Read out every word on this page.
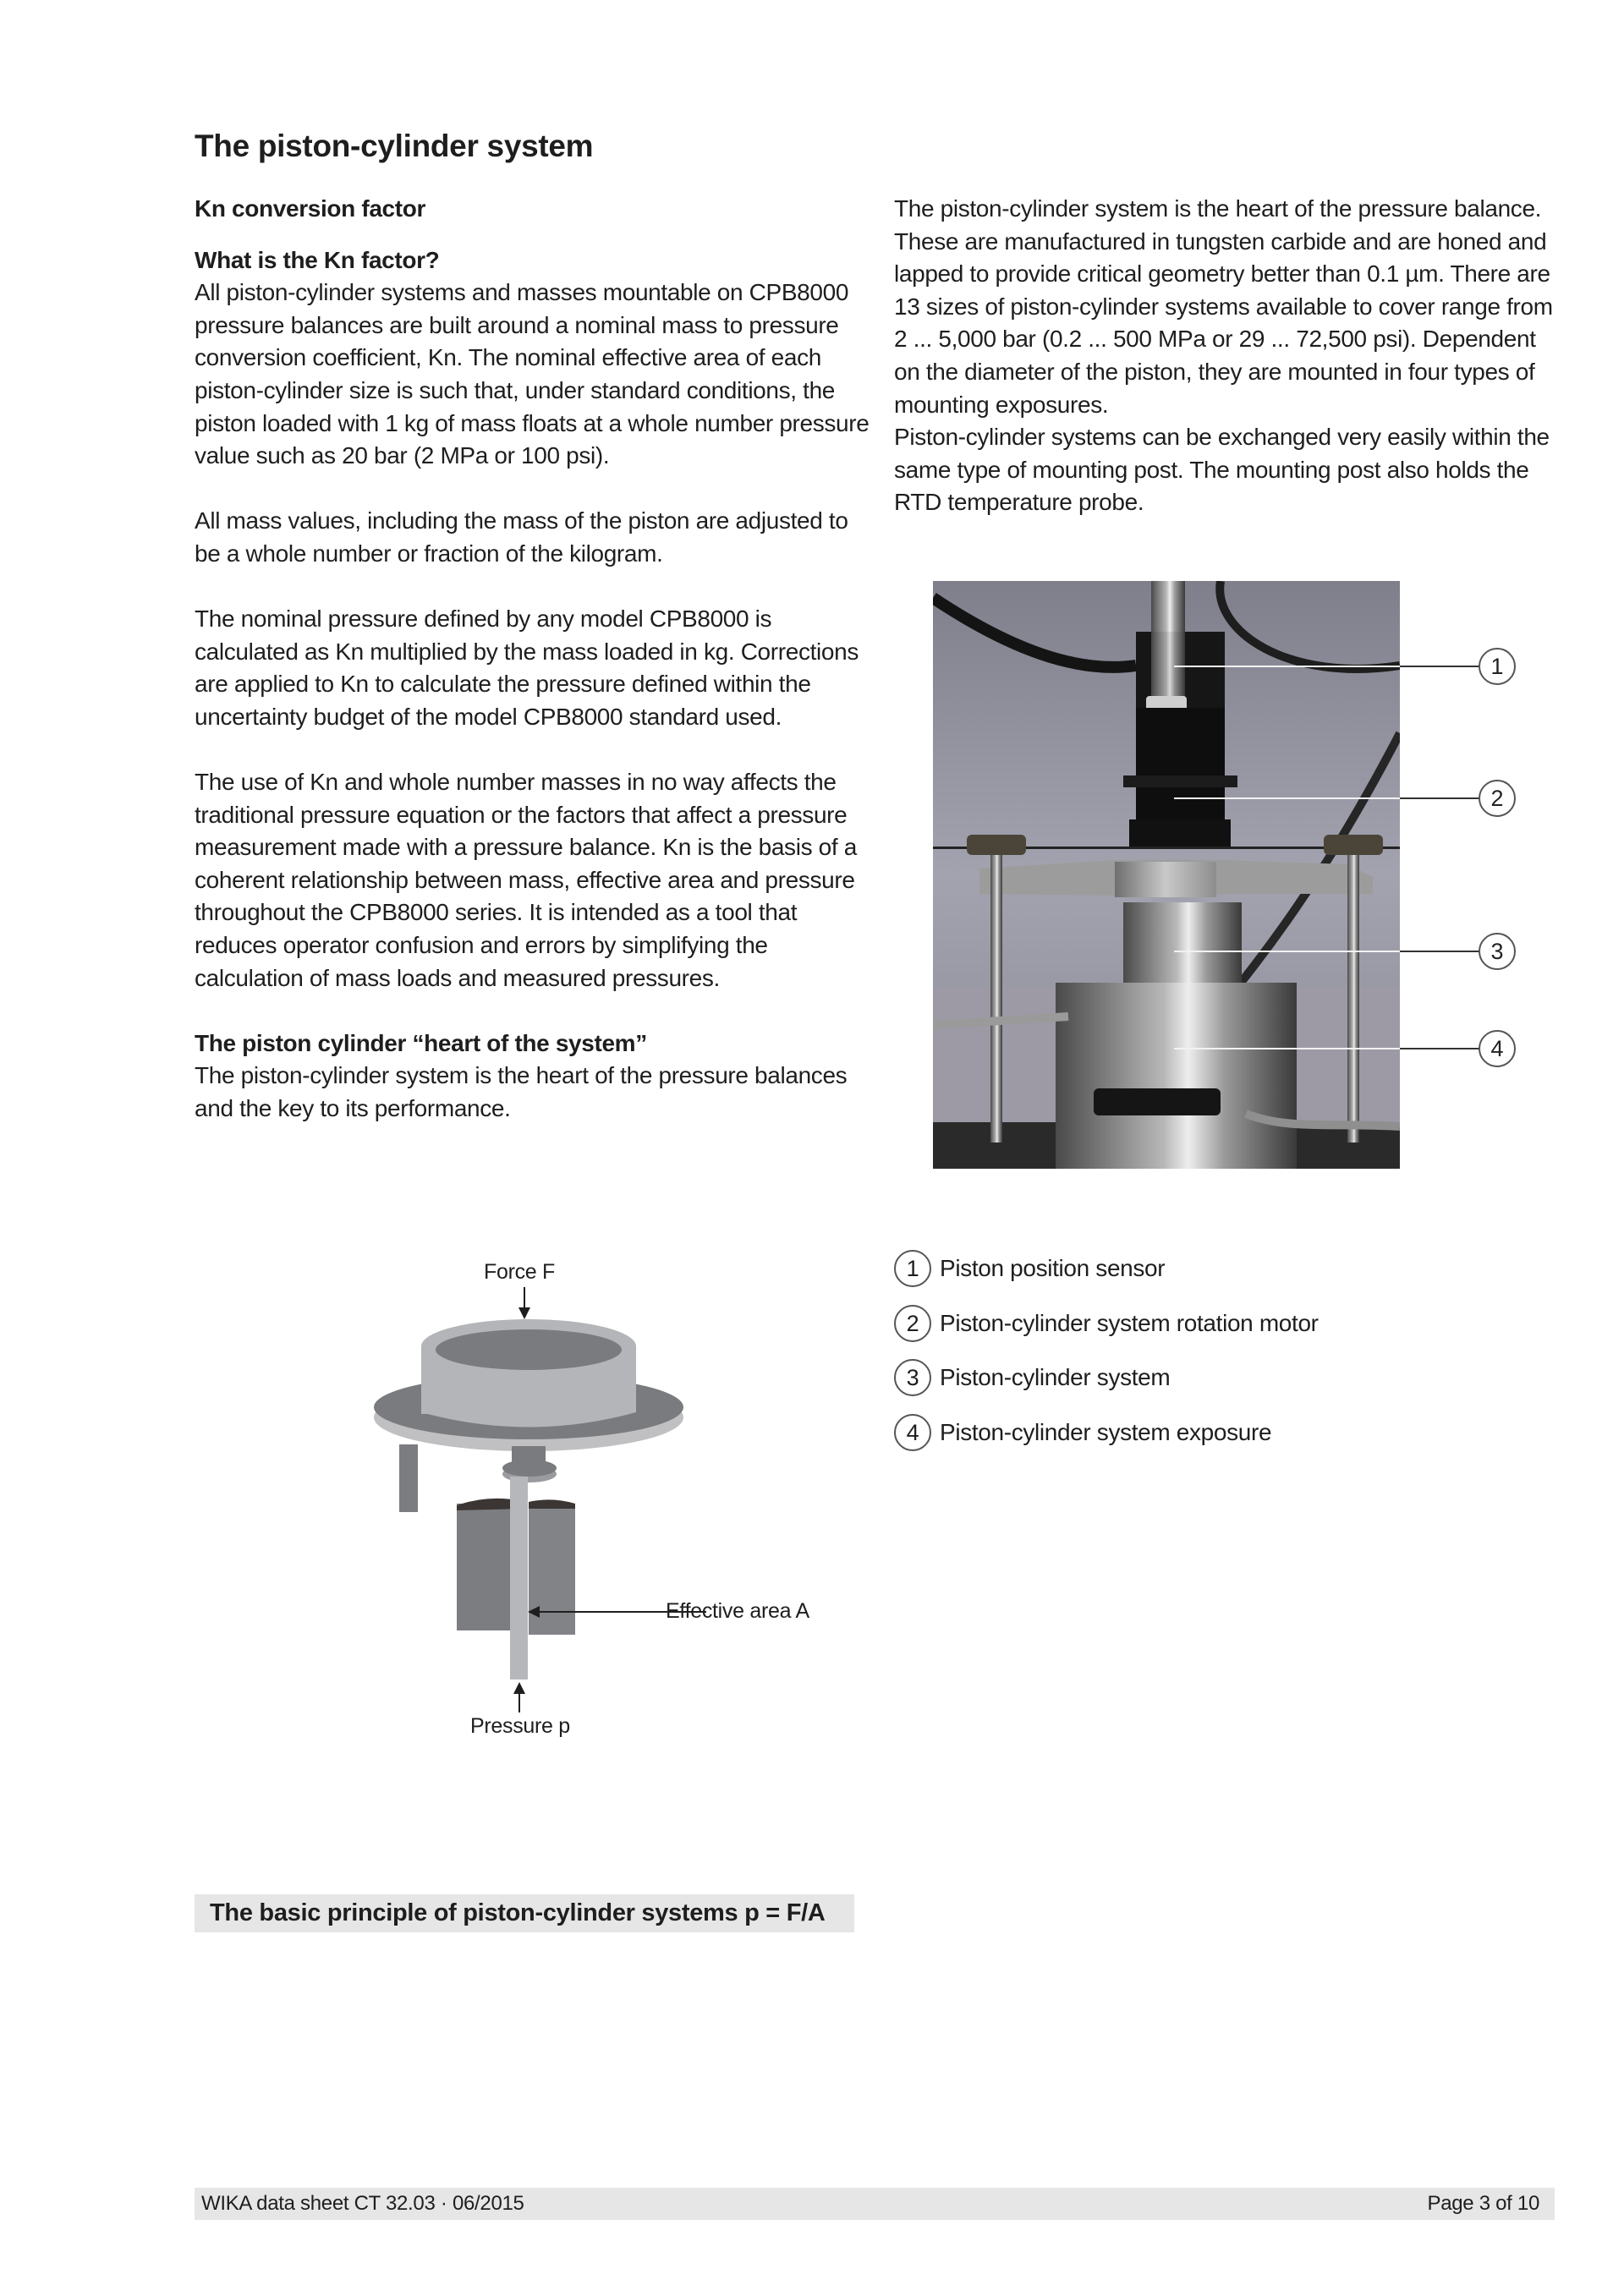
The piston-cylinder system

Kn conversion factor

What is the Kn factor?

All piston-cylinder systems and masses mountable on CPB8000 pressure balances are built around a nominal mass to pressure conversion coefficient, Kn. The nominal effective area of each piston-cylinder size is such that, under standard conditions, the piston loaded with 1 kg of mass floats at a whole number pressure value such as 20 bar (2 MPa or 100 psi).

All mass values, including the mass of the piston are adjusted to be a whole number or fraction of the kilogram.

The nominal pressure defined by any model CPB8000 is calculated as Kn multiplied by the mass loaded in kg. Corrections are applied to Kn to calculate the pressure defined within the uncertainty budget of the model CPB8000 standard used.

The use of Kn and whole number masses in no way affects the traditional pressure equation or the factors that affect a pressure measurement made with a pressure balance. Kn is the basis of a coherent relationship between mass, effective area and pressure throughout the CPB8000 series. It is intended as a tool that reduces operator confusion and errors by simplifying the calculation of mass loads and measured pressures.

The piston cylinder “heart of the system”

The piston-cylinder system is the heart of the pressure balances and the key to its performance.

The piston-cylinder system is the heart of the pressure balance. These are manufactured in tungsten carbide and are honed and lapped to provide critical geometry better than 0.1 µm. There are 13 sizes of piston-cylinder systems available to cover range from 2 ... 5,000 bar (0.2 ... 500 MPa or 29 ... 72,500 psi). Dependent on the diameter of the piston, they are mounted in four types of mounting exposures.

Piston-cylinder systems can be exchanged very easily within the same type of mounting post. The mounting post also holds the RTD temperature probe.

1
2
3
4
1 Piston position sensor
2 Piston-cylinder system rotation motor
3 Piston-cylinder system
4 Piston-cylinder system exposure
Force F
Effective area A
Pressure p
The basic principle of piston-cylinder systems p = F/A
WIKA data sheet CT 32.03 · 06/2015	Page 3 of 10
